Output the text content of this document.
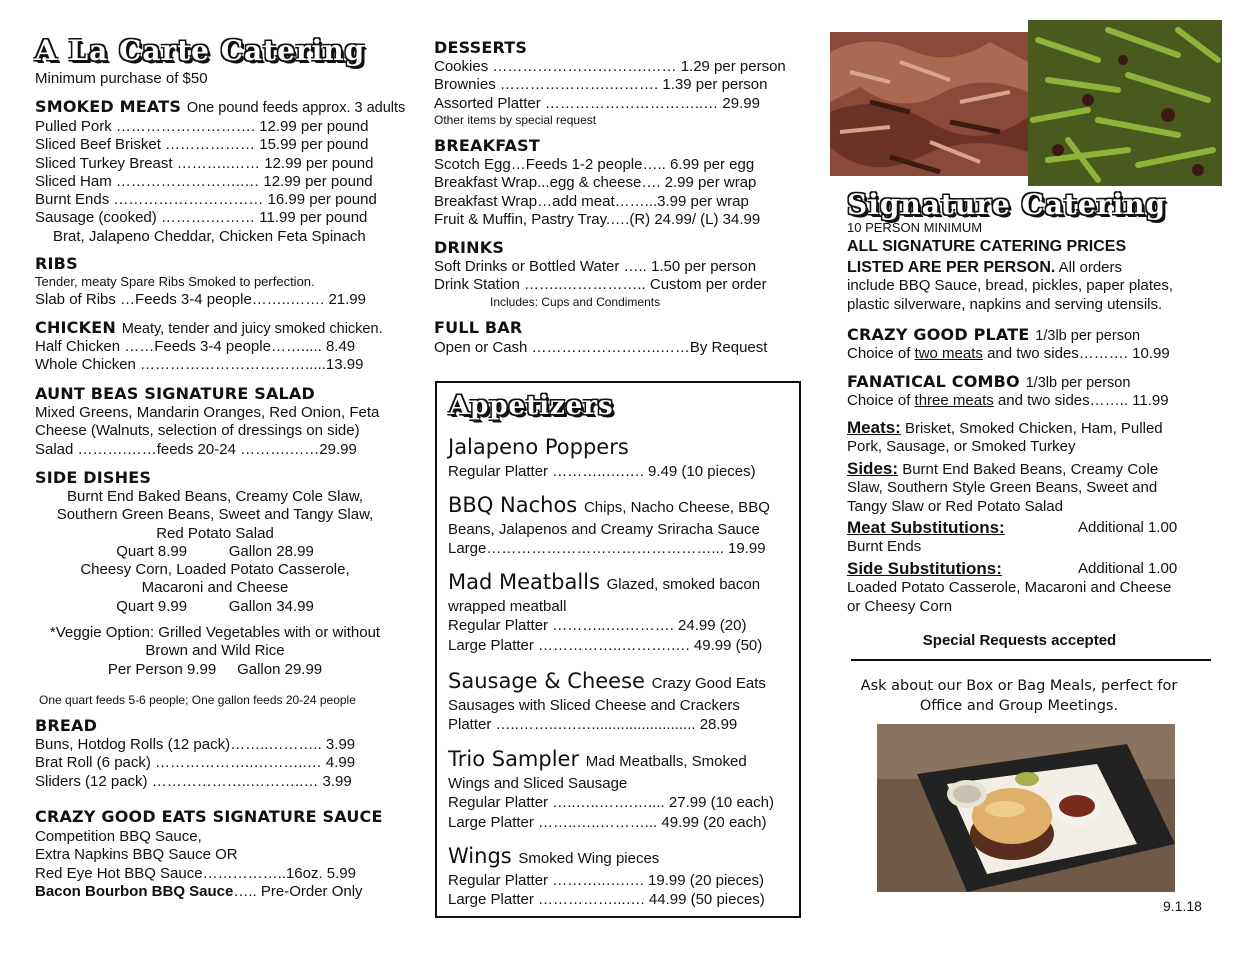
A La Carte Catering
Minimum purchase of $50
SMOKED MEATS One pound feeds approx. 3 adults
Pulled Pork ………………………. 12.99 per pound
Sliced Beef Brisket ……………… 15.99 per pound
Sliced Turkey Breast ………..…… 12.99 per pound
Sliced Ham ……………………..… 12.99 per pound
Burnt Ends ………………………… 16.99 per pound
Sausage (cooked) ……….……… 11.99 per pound
Brat, Jalapeno Cheddar, Chicken Feta Spinach
RIBS
Tender, meaty Spare Ribs Smoked to perfection.
Slab of Ribs …Feeds 3-4 people……..……. 21.99
CHICKEN Meaty, tender and juicy smoked chicken.
Half Chicken ……Feeds 3-4 people……..... 8.49
Whole Chicken …………………………….....13.99
AUNT BEAS SIGNATURE SALAD
Mixed Greens, Mandarin Oranges, Red Onion, Feta
Cheese (Walnuts, selection of dressings on side)
Salad ……….……feeds 20-24 ……….……29.99
SIDE DISHES
Burnt End Baked Beans, Creamy Cole Slaw,
Southern Green Beans, Sweet and Tangy Slaw,
Red Potato Salad
Quart 8.99          Gallon 28.99
Cheesy Corn, Loaded Potato Casserole,
Macaroni and Cheese
Quart 9.99          Gallon 34.99
*Veggie Option: Grilled Vegetables with or without
Brown and Wild Rice
Per Person 9.99     Gallon 29.99
One quart feeds 5-6 people; One gallon feeds 20-24 people
BREAD
Buns, Hotdog Rolls (12 pack)……..……….. 3.99
Brat Roll (6 pack) ………………..………..… 4.99
Sliders (12 pack) ………………..………..… 3.99
CRAZY GOOD EATS SIGNATURE SAUCE
Competition BBQ Sauce,
Extra Napkins BBQ Sauce OR
Red Eye Hot BBQ Sauce……………..16oz. 5.99
Bacon Bourbon BBQ Sauce….. Pre-Order Only
DESSERTS
Cookies ………………………….…… 1.29 per person
Brownies ………………….………. 1.39 per person
Assorted Platter …………………………..… 29.99
Other items by special request
BREAKFAST
Scotch Egg…Feeds 1-2 people….. 6.99 per egg
Breakfast Wrap...egg & cheese…. 2.99 per wrap
Breakfast Wrap…add meat……...3.99 per wrap
Fruit & Muffin, Pastry Tray.….(R) 24.99/ (L) 34.99
DRINKS
Soft Drinks or Bottled Water ….. 1.50 per person
Drink Station ……..…………….. Custom per order
Includes: Cups and Condiments
FULL BAR
Open or Cash ……………………..……By Request
Appetizers
Jalapeno Poppers
Regular Platter ………..….…. 9.49 (10 pieces)
BBQ Nachos Chips, Nacho Cheese, BBQ
Beans, Jalapenos and Creamy Sriracha Sauce
Large………………………………………... 19.99
Mad Meatballs Glazed, smoked bacon
wrapped meatball
Regular Platter ………..….………. 24.99 (20)
Large Platter ……………..……….…. 49.99 (50)
Sausage & Cheese Crazy Good Eats
Sausages with Sliced Cheese and Crackers
Platter …..……..….…......................... 28.99
Trio Sampler Mad Meatballs, Smoked
Wings and Sliced Sausage
Regular Platter …..…..…….….... 27.99 (10 each)
Large Platter ……..…..………... 49.99 (20 each)
Wings Smoked Wing pieces
Regular Platter ………..….…. 19.99 (20 pieces)
Large Platter ……………...…. 44.99 (50 pieces)
Signature Catering
10 PERSON MINIMUM
ALL SIGNATURE CATERING PRICES
LISTED ARE PER PERSON. All orders
include BBQ Sauce, bread, pickles, paper plates,
plastic silverware, napkins and serving utensils.
CRAZY GOOD PLATE 1/3lb per person
Choice of two meats and two sides………. 10.99
FANATICAL COMBO 1/3lb per person
Choice of three meats and two sides…….. 11.99
Meats: Brisket, Smoked Chicken, Ham, Pulled
Pork, Sausage, or Smoked Turkey
Sides: Burnt End Baked Beans, Creamy Cole
Slaw, Southern Style Green Beans, Sweet and
Tangy Slaw or Red Potato Salad
Meat Substitutions:	Additional 1.00
Burnt Ends
Side Substitutions:	Additional 1.00
Loaded Potato Casserole, Macaroni and Cheese
or Cheesy Corn
Special Requests accepted
Ask about our Box or Bag Meals, perfect for
Office and Group Meetings.
9.1.18
